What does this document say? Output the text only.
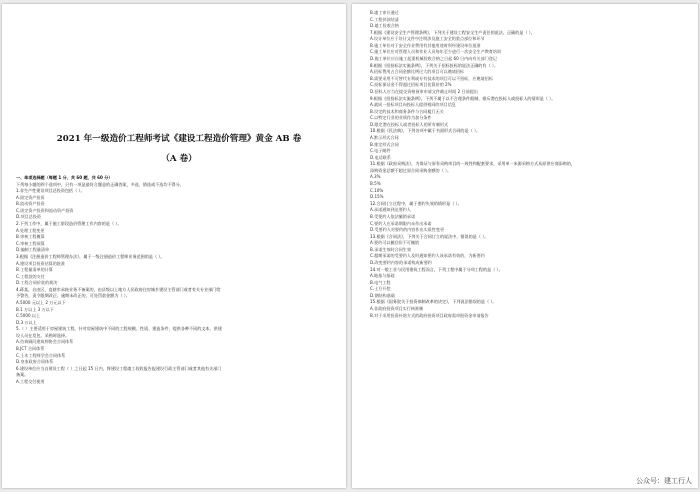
2021 年一级造价工程师考试《建设工程造价管理》黄金 AB 卷
（A 卷）
一、单项选择题（每题 1 分，共 60 题，共 60 分）
下列每小题的四个选项中，只有一项是最符合题意的正确答案，多选、错选或不选均不得分。
1.非生产性建设项目总投资包括（ ）。
A.固定资产投资
B.流动资产投资
C.固定资产投资和流动资产投资
D.项目总投资
2.下列工作中，属于施工阶段造价管理工作内容的是（ ）。
A.处理工程变更
B.审核工程概算
C.审核工程预算
D.编制工程量清单
3.根据《注册造价工程师管理办法》，属于一级注册造价工程师业务范围的是（ ）。
A.建设项目投资估算的批准
B.工程量清单的计算
C.工程款的支付
D.工程合同价款的裁决
4.蒋某，自由区，直辖市承接业务不备案的，由县级以上地方人民政府住房城乡建设主管部门或者有关专业部门给
予警告，责令限期改正；逾期未改正的，可处罚款金额为（ ）。
A.5000 元以上 2 万元以下
B.1 万以上 3 万以下
C.5000 以上
D.3 万以上
5.（ ）主要适用于房屋建筑工程，针对房屋建筑中不同的工程规模、性质、建造条件，提供各种不同的文本，供建
设人员在发包、采购时选择。
A.咨询顾问建筑师协会合同体系
B.JCT 合同体系
C.土木工程师学会合同体系
D.皇家政府合同体系
6.建设单位应当自建设工程（ ）之日起 15 日内，将建设工程竣工验收报告报建设行政主管部门或者其他有关部门
备案。
A.工程交付使用
B.竣工审计通过
C.工程价款结清
D.竣工验收合格
7.根据《建设安全生产管理条例》，下列关于建设工程安全生产责任的说法，正确的是（ ）。
A.设计单位应于设计文件中注明涉及施工安全的重点部位和环节
B.施工单位对于安全作业费用有其他用途时须经建设单位批准
C.施工单位应对管理人员和作业人员每年至少进行一次安全生产教育培训
D.施工单位应自施工起重机械验收合格之日起 60 日内向有关部门登记
8.根据《招投标法实施条例》，下列关于招标投标的说法正确的有（ ）。
A.招标费用占合同金额比例过大的项目可以邀请招标
B.需要采用不可替代专利或专有技术的项目可以不招标，应邀请招标
C.投标保证金不得超过招标项目估算价的 2%
D.招标人应当在提交资格预审申请文件截止时间 2 日前提出
9.根据《招投标法实施条例》，下列不属于以不合理条件限制、排斥潜在投标人或投标人的情形是（ ）。
A.就同一招标项目向投标人提供相同的项目信息
B.设定的技术和商务条件与合同履行无关
C.以特定行业的业绩作为加分条件
D.限定潜在投标人或者投标人的所有制形式
10.根据《民法典》，下列各项中属于书面形式合同的是（ ）。
A.默示形式合同
B.推定形式合同
C.电子邮件
D.电话联系
11.根据《政府采购法》，为保证与原有采购项目的一致性和配套要求，采用单一来源采购方式从原供应商添购的，
添购资金总额不超过原合同采购金额的（ ）。
A.3%
B.5%
C.10%
D.15%
12.合同订立过程中，属于要约失效的情形是（ ）。
A.承诺通知到达要约人
B.受要约人依法撤销承诺
C.要约人在承诺期限内未作出承诺
D.受要约人对要约的内容作出实质性变更
13.根据《合同法》，下列关于合同订立的说法中，错误的是（ ）。
A.要约可以撤回但不可撤销
B.承诺生效时合同生效
C.超期承诺的受要约人及时通知要约人该承诺有效的，为新要约
D.改变要约内容的承诺构成新要约
14.对一般工业与民用建筑工程而言，下列工程中属于分项工程的是（ ）。
A.地基与基础
B.电气工程
C.土方开挖
D.钢结构基础
15.根据《国务院关于投资体制改革的决定》，下列说法错误的是（ ）。
A.非政府投资项目实行核准制
B.对于采用投资补助方式的政府投资项目政府需审批资金申请报告
公众号：建工行人
